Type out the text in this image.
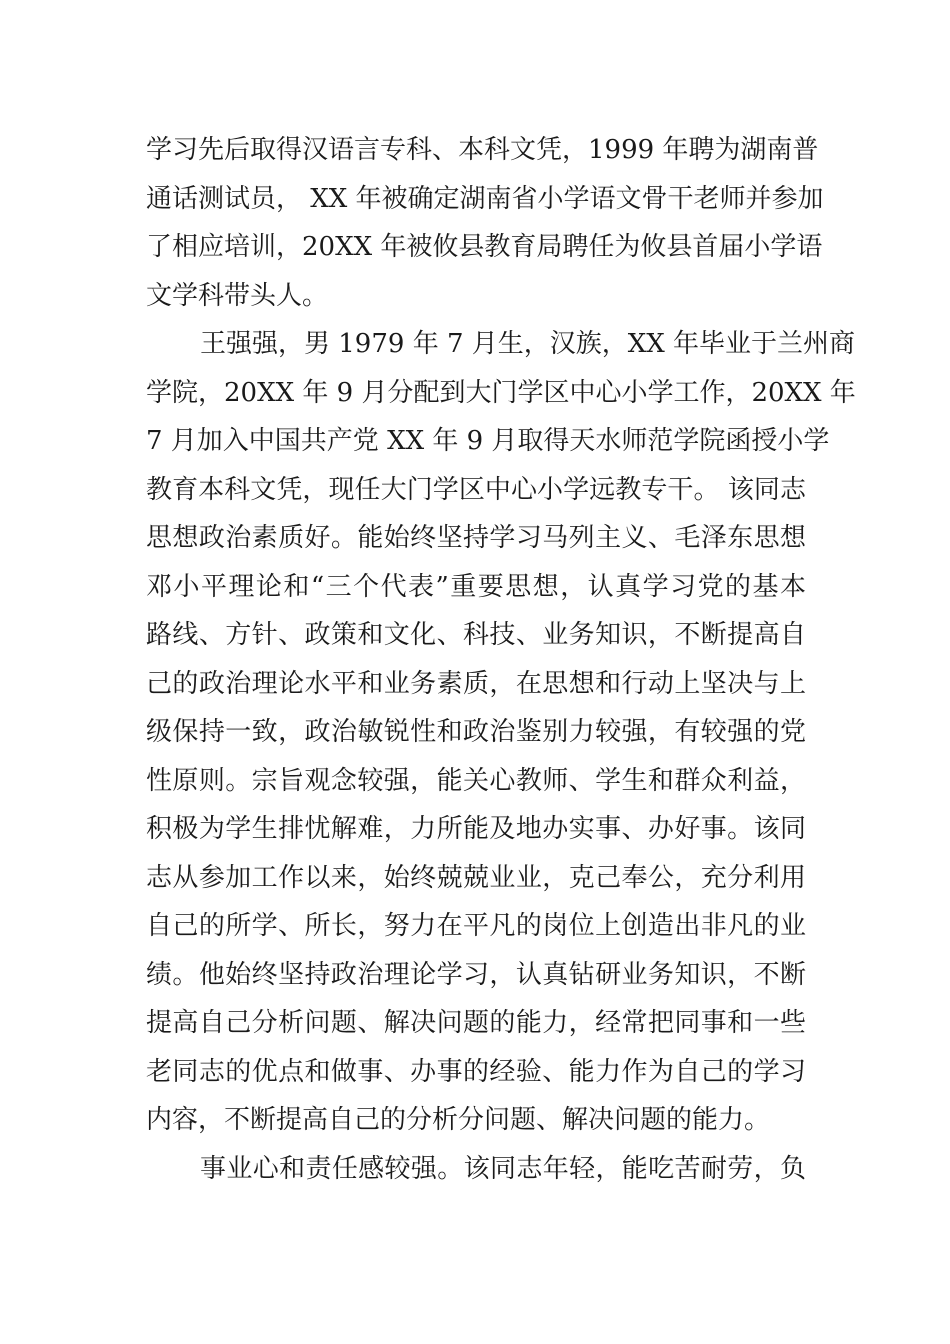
学习先后取得汉语言专科、本科文凭，1999 年聘为湖南普
通话测试员， XX 年被确定湖南省小学语文骨干老师并参加
了相应培训，20XX 年被攸县教育局聘任为攸县首届小学语
文学科带头人。
王强强，男 1979 年 7 月生，汉族，XX 年毕业于兰州商
学院，20XX 年 9 月分配到大门学区中心小学工作，20XX 年
7 月加入中国共产党 XX 年 9 月取得天水师范学院函授小学
教育本科文凭，现任大门学区中心小学远教专干。 该同志
思想政治素质好。能始终坚持学习马列主义、毛泽东思想
邓小平理论和“三个代表”重要思想，认真学习党的基本
路线、方针、政策和文化、科技、业务知识，不断提高自
己的政治理论水平和业务素质，在思想和行动上坚决与上
级保持一致，政治敏锐性和政治鉴别力较强，有较强的党
性原则。宗旨观念较强，能关心教师、学生和群众利益，
积极为学生排忧解难，力所能及地办实事、办好事。该同
志从参加工作以来，始终兢兢业业，克己奉公，充分利用
自己的所学、所长，努力在平凡的岗位上创造出非凡的业
绩。他始终坚持政治理论学习，认真钻研业务知识，不断
提高自己分析问题、解决问题的能力，经常把同事和一些
老同志的优点和做事、办事的经验、能力作为自己的学习
内容，不断提高自己的分析分问题、解决问题的能力。
事业心和责任感较强。该同志年轻，能吃苦耐劳，负
